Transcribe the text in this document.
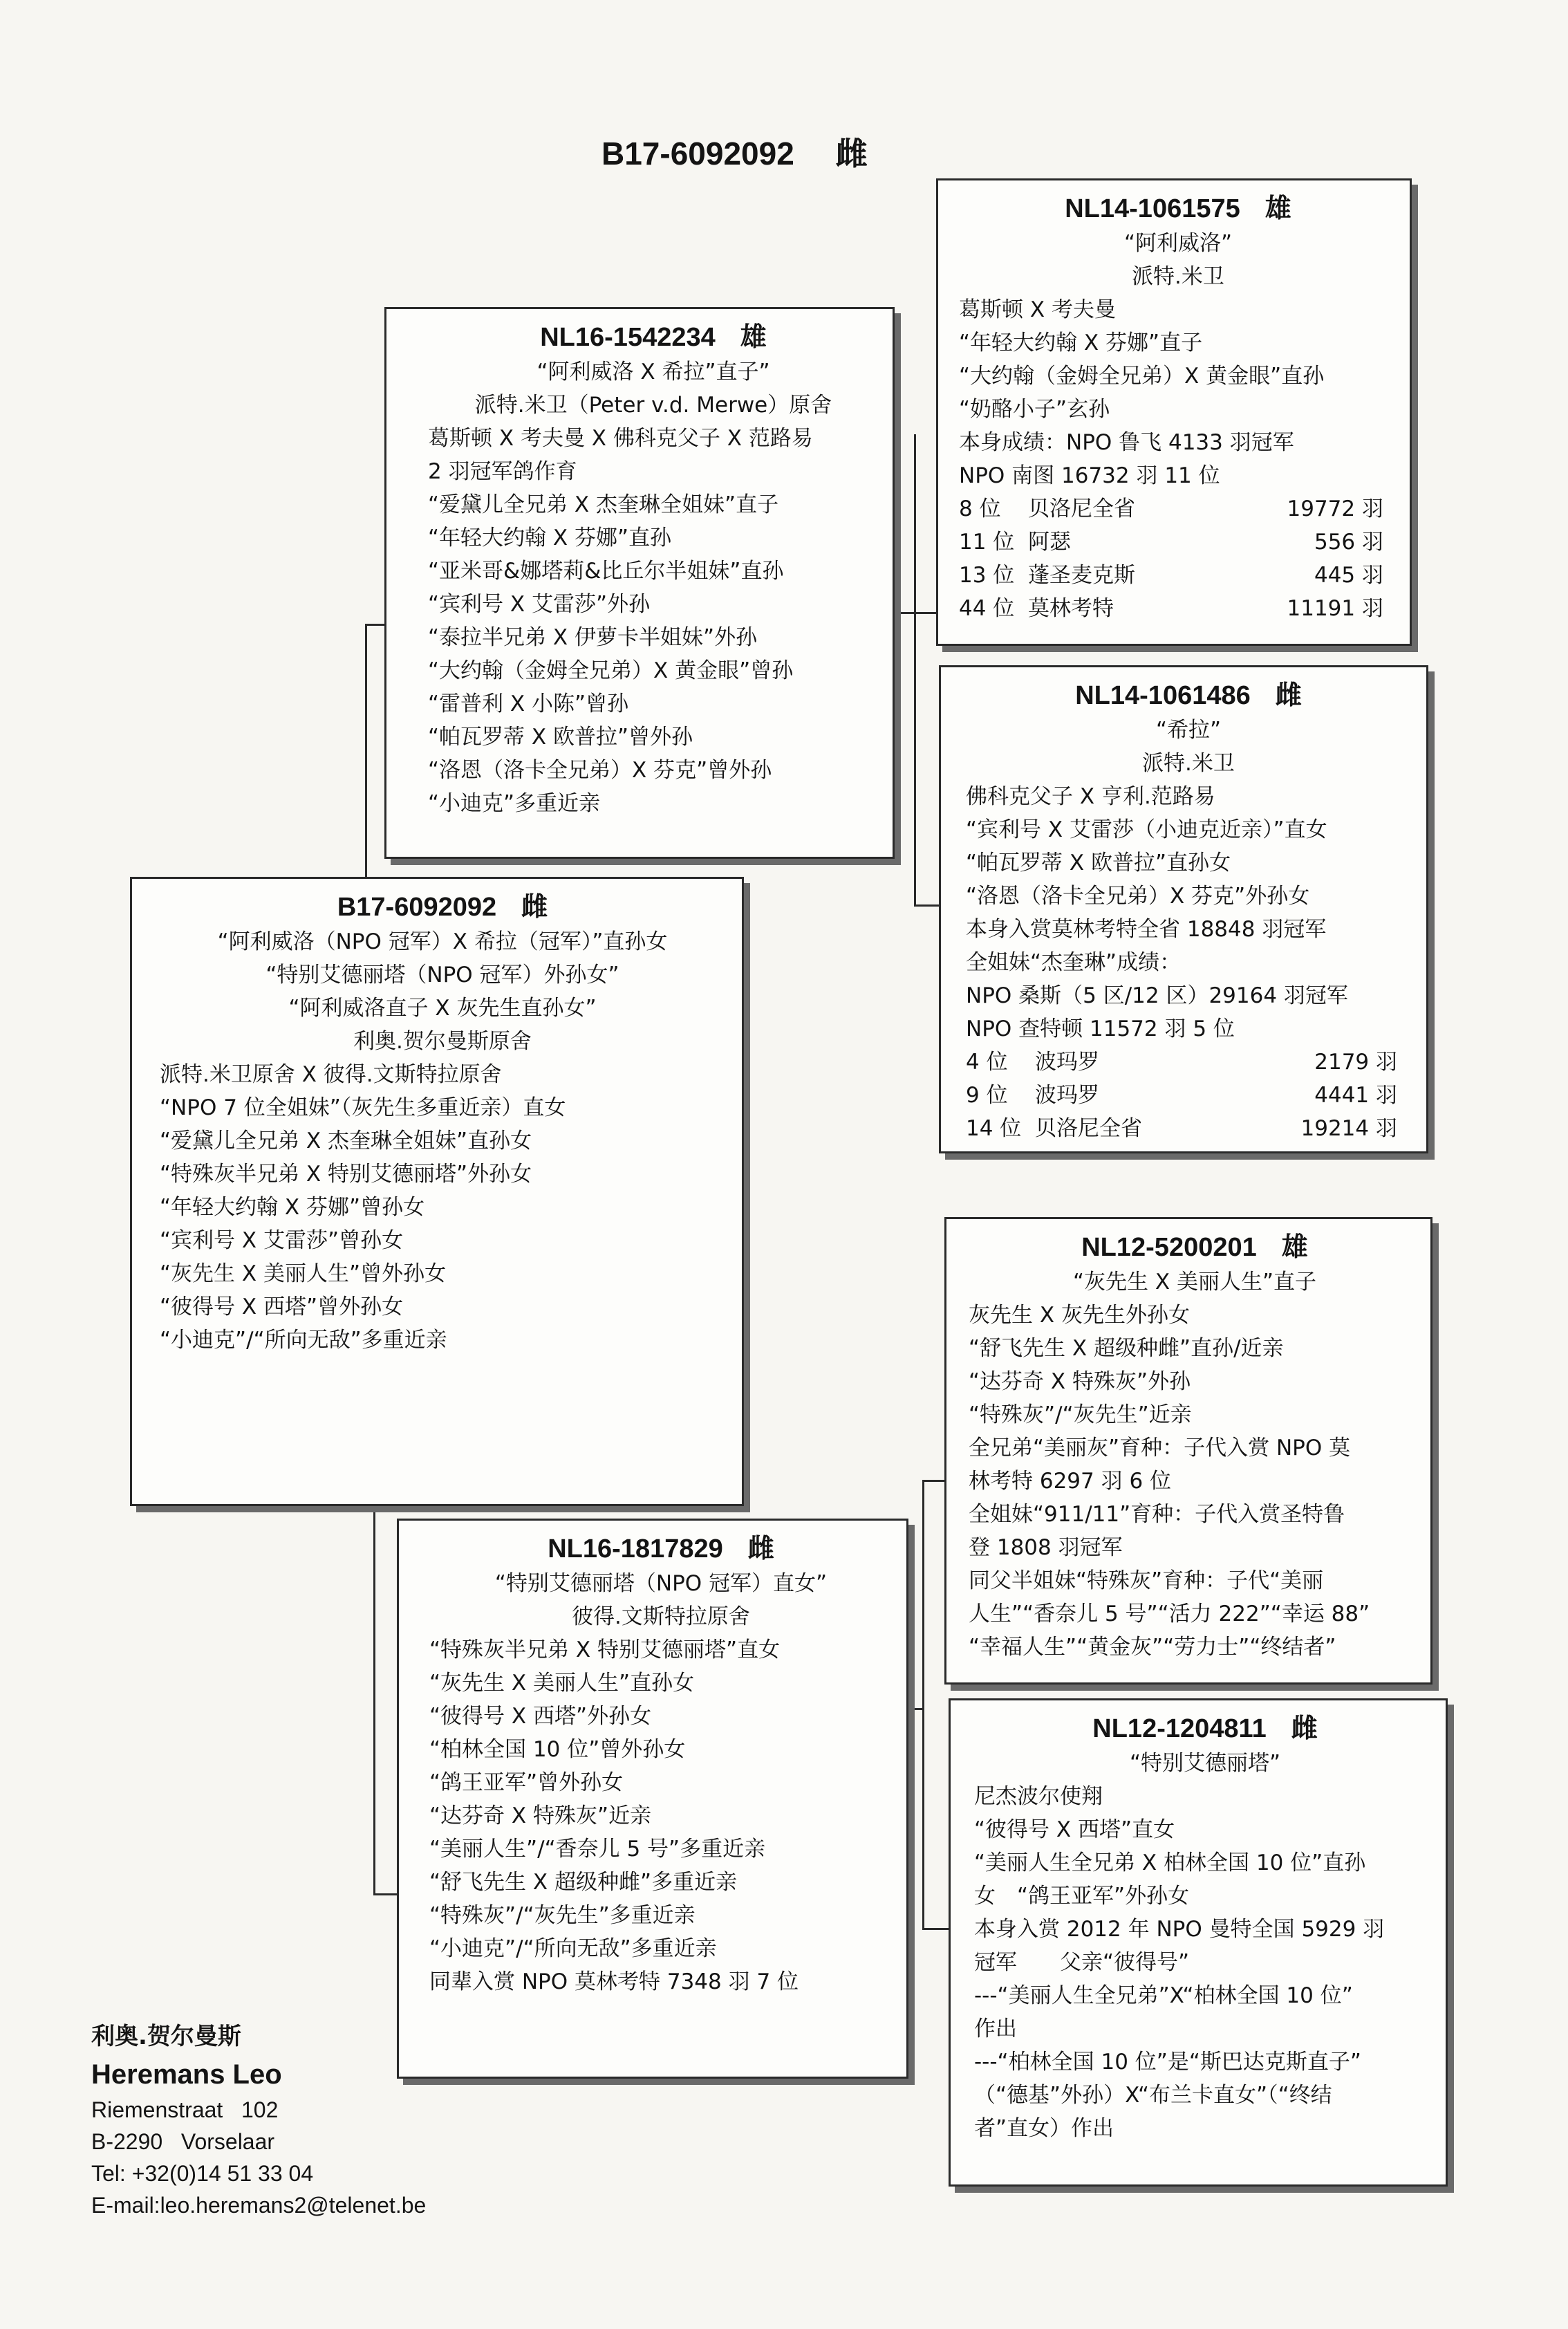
B17-6092092 雌
NL16-1542234 雄
“阿利威洛 X 希拉”直子”
派特.米卫（Peter v.d. Merwe）原舍
葛斯顿 X 考夫曼 X 佛科克父子 X 范路易
2 羽冠军鸽作育
“爱黛儿全兄弟 X 杰奎琳全姐妹”直子
“年轻大约翰 X 芬娜”直孙
“亚米哥&娜塔莉&比丘尔半姐妹”直孙
“宾利号 X 艾雷莎”外孙
“泰拉半兄弟 X 伊萝卡半姐妹”外孙
“大约翰（金姆全兄弟）X 黄金眼”曾孙
“雷普利 X 小陈”曾孙
“帕瓦罗蒂 X 欧普拉”曾外孙
“洛恩（洛卡全兄弟）X 芬克”曾外孙
“小迪克”多重近亲
B17-6092092 雌
“阿利威洛（NPO 冠军）X 希拉（冠军）”直孙女
“特别艾德丽塔（NPO 冠军）外孙女”
“阿利威洛直子 X 灰先生直孙女”
利奥.贺尔曼斯原舍
派特.米卫原舍 X 彼得.文斯特拉原舍
“NPO 7 位全姐妹”（灰先生多重近亲）直女
“爱黛儿全兄弟 X 杰奎琳全姐妹”直孙女
“特殊灰半兄弟 X 特别艾德丽塔”外孙女
“年轻大约翰 X 芬娜”曾孙女
“宾利号 X 艾雷莎”曾孙女
“灰先生 X 美丽人生”曾外孙女
“彼得号 X 西塔”曾外孙女
“小迪克”/“所向无敌”多重近亲
NL16-1817829 雌
“特别艾德丽塔（NPO 冠军）直女”
彼得.文斯特拉原舍
“特殊灰半兄弟 X 特别艾德丽塔”直女
“灰先生 X 美丽人生”直孙女
“彼得号 X 西塔”外孙女
“柏林全国 10 位”曾外孙女
“鸽王亚军”曾外孙女
“达芬奇 X 特殊灰”近亲
“美丽人生”/“香奈儿 5 号”多重近亲
“舒飞先生 X 超级种雌”多重近亲
“特殊灰”/“灰先生”多重近亲
“小迪克”/“所向无敌”多重近亲
同辈入赏 NPO 莫林考特 7348 羽 7 位
NL14-1061575 雄
“阿利威洛”
派特.米卫
葛斯顿 X 考夫曼
“年轻大约翰 X 芬娜”直子
“大约翰（金姆全兄弟）X 黄金眼”直孙
“奶酪小子”玄孙
本身成绩：NPO 鲁飞 4133 羽冠军
NPO 南图 16732 羽 11 位
8 位 贝洛尼全省	19772 羽
11 位 阿瑟	556 羽
13 位 蓬圣麦克斯	445 羽
44 位 莫林考特	11191 羽
NL14-1061486 雌
“希拉”
派特.米卫
佛科克父子 X 亨利.范路易
“宾利号 X 艾雷莎（小迪克近亲）”直女
“帕瓦罗蒂 X 欧普拉”直孙女
“洛恩（洛卡全兄弟）X 芬克”外孙女
本身入赏莫林考特全省 18848 羽冠军
全姐妹“杰奎琳”成绩：
NPO 桑斯（5 区/12 区）29164 羽冠军
NPO 查特顿 11572 羽 5 位
4 位 波玛罗	2179 羽
9 位 波玛罗	4441 羽
14 位 贝洛尼全省	19214 羽
NL12-5200201 雄
“灰先生 X 美丽人生”直子
灰先生 X 灰先生外孙女
“舒飞先生 X 超级种雌”直孙/近亲
“达芬奇 X 特殊灰”外孙
“特殊灰”/“灰先生”近亲
全兄弟“美丽灰”育种：子代入赏 NPO 莫
林考特 6297 羽 6 位
全姐妹“911/11”育种：子代入赏圣特鲁
登 1808 羽冠军
同父半姐妹“特殊灰”育种：子代“美丽
人生”“香奈儿 5 号”“活力 222”“幸运 88”
“幸福人生”“黄金灰”“劳力士”“终结者”
NL12-1204811 雌
“特别艾德丽塔”
尼杰波尔使翔
“彼得号 X 西塔”直女
“美丽人生全兄弟 X 柏林全国 10 位”直孙
女　“鸽王亚军”外孙女
本身入赏 2012 年 NPO 曼特全国 5929 羽
冠军　　父亲“彼得号”
---“美丽人生全兄弟”X“柏林全国 10 位”
作出
---“柏林全国 10 位”是“斯巴达克斯直子”
（“德基”外孙）X“布兰卡直女”（“终结
者”直女）作出
利奥.贺尔曼斯
Heremans Leo
Riemenstraat   102
B-2290   Vorselaar
Tel: +32(0)14 51 33 04
E-mail:leo.heremans2@telenet.be
